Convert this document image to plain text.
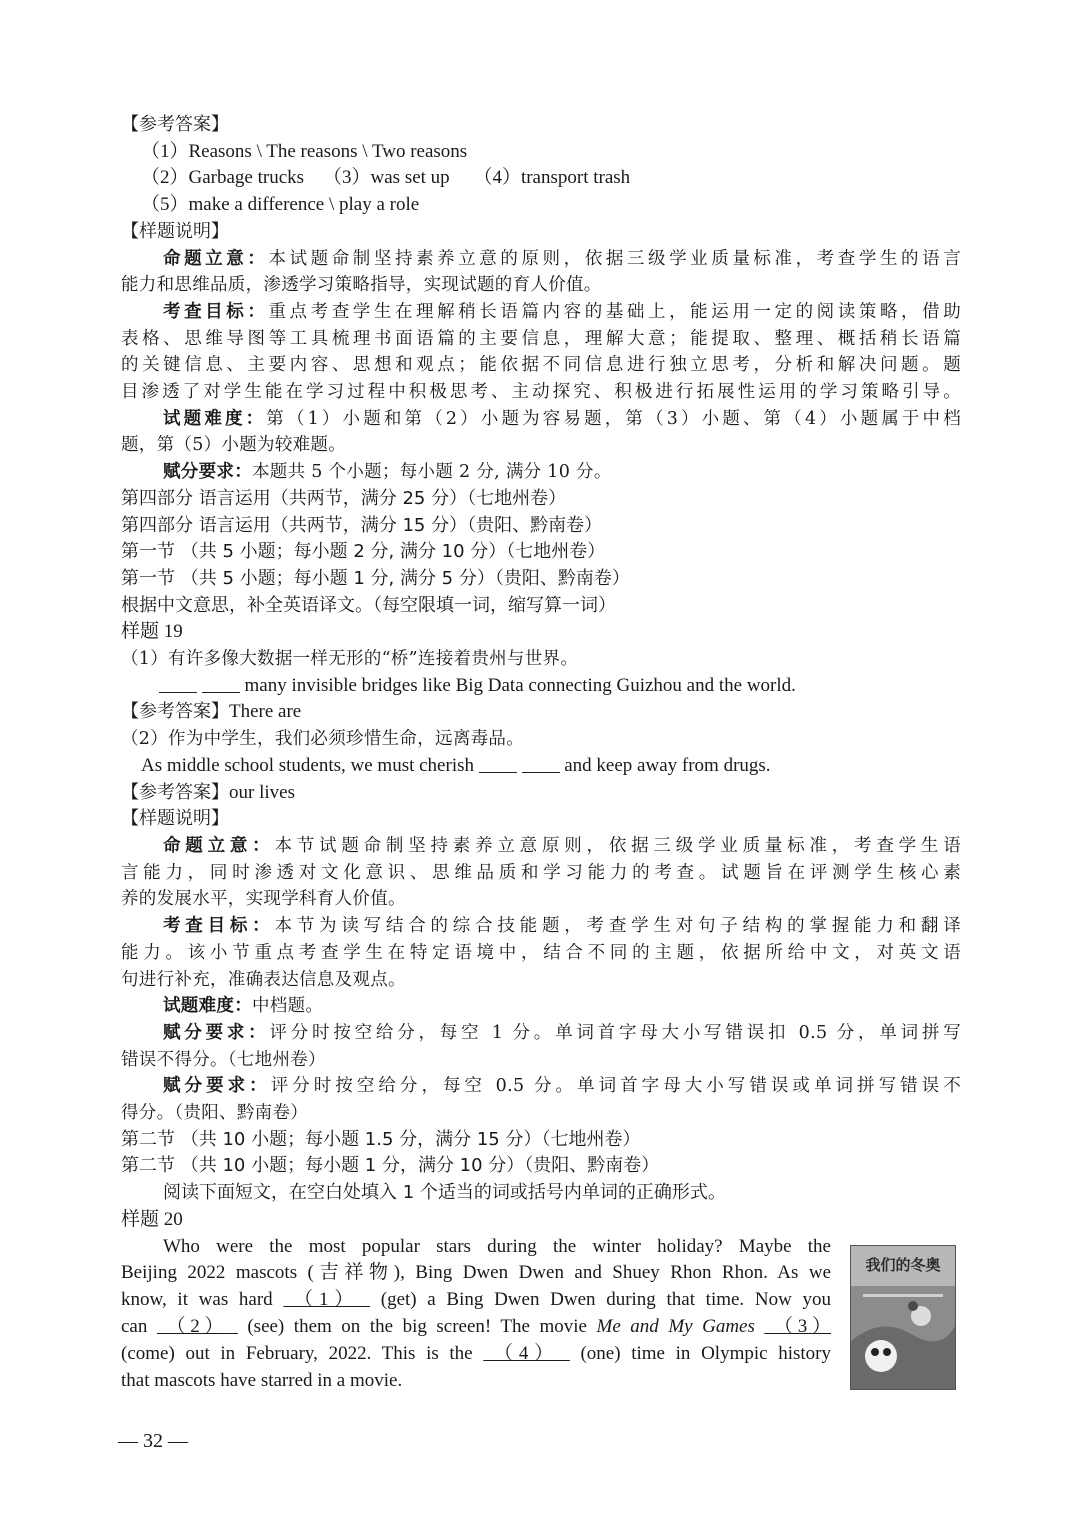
【参考答案】
（1）Reasons \ The reasons \ Two reasons
（2）Garbage trucks （3）was set up （4）transport trash
（5）make a difference \ play a role
【样题说明】
命题立意：本试题命制坚持素养立意的原则，依据三级学业质量标准，考查学生的语言
能力和思维品质，渗透学习策略指导，实现试题的育人价值。
考查目标：重点考查学生在理解稍长语篇内容的基础上，能运用一定的阅读策略，借助
表格、思维导图等工具梳理书面语篇的主要信息，理解大意；能提取、整理、概括稍长语篇
的关键信息、主要内容、思想和观点；能依据不同信息进行独立思考，分析和解决问题。题
目渗透了对学生能在学习过程中积极思考、主动探究、积极进行拓展性运用的学习策略引导。
试题难度：第（1）小题和第（2）小题为容易题，第（3）小题、第（4）小题属于中档
题，第（5）小题为较难题。
赋分要求：本题共 5 个小题；每小题 2 分, 满分 10 分。
第四部分 语言运用（共两节，满分 25 分）（七地州卷）
第四部分 语言运用（共两节，满分 15 分）（贵阳、黔南卷）
第一节 （共 5 小题；每小题 2 分, 满分 10 分）（七地州卷）
第一节 （共 5 小题；每小题 1 分, 满分 5 分）（贵阳、黔南卷）
根据中文意思，补全英语译文。（每空限填一词，缩写算一词）
样题 19
（1）有许多像大数据一样无形的“桥”连接着贵州与世界。
many invisible bridges like Big Data connecting Guizhou and the world.
【参考答案】There are
（2）作为中学生，我们必须珍惜生命，远离毒品。
As middle school students, we must cherish	and keep away from drugs.
【参考答案】our lives
【样题说明】
命题立意：本节试题命制坚持素养立意原则，依据三级学业质量标准，考查学生语
言能力，同时渗透对文化意识、思维品质和学习能力的考查。试题旨在评测学生核心素
养的发展水平，实现学科育人价值。
考查目标：本节为读写结合的综合技能题，考查学生对句子结构的掌握能力和翻译
能力。该小节重点考查学生在特定语境中，结合不同的主题，依据所给中文，对英文语
句进行补充，准确表达信息及观点。
试题难度：中档题。
赋分要求：评分时按空给分，每空 1 分。单词首字母大小写错误扣 0.5 分，单词拼写
错误不得分。（七地州卷）
赋分要求：评分时按空给分，每空 0.5 分。单词首字母大小写错误或单词拼写错误不
得分。（贵阳、黔南卷）
第二节 （共 10 小题；每小题 1.5 分，满分 15 分）（七地州卷）
第二节 （共 10 小题；每小题 1 分，满分 10 分）（贵阳、黔南卷）
阅读下面短文，在空白处填入 1 个适当的词或括号内单词的正确形式。
样题 20
Who were the most popular stars during the winter holiday? Maybe the
Beijing 2022 mascots (吉祥物), Bing Dwen Dwen and Shuey Rhon Rhon. As we
know, it was hard （1） (get) a Bing Dwen Dwen during that time. Now you
can （2） (see) them on the big screen! The movie Me and My Games （3）
(come) out in February, 2022. This is the （4） (one) time in Olympic history
that mascots have starred in a movie.
我们的冬奥
— 32 —
